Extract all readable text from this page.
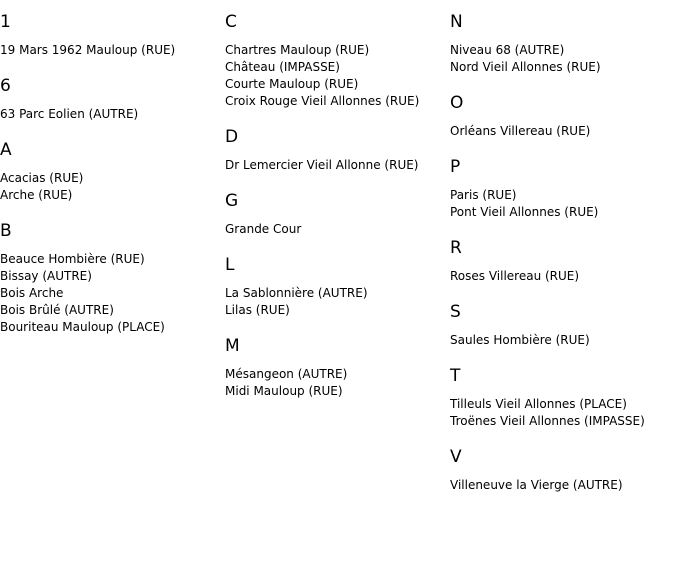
1
19 Mars 1962 Mauloup (RUE)
6
63 Parc Eolien (AUTRE)
A
Acacias (RUE)
Arche (RUE)
B
Beauce Hombière (RUE)
Bissay (AUTRE)
Bois Arche
Bois Brûlé (AUTRE)
Bouriteau Mauloup (PLACE)
C
Chartres Mauloup (RUE)
Château (IMPASSE)
Courte Mauloup (RUE)
Croix Rouge Vieil Allonnes (RUE)
D
Dr Lemercier Vieil Allonne (RUE)
G
Grande Cour
L
La Sablonnière (AUTRE)
Lilas (RUE)
M
Mésangeon (AUTRE)
Midi Mauloup (RUE)
N
Niveau 68 (AUTRE)
Nord Vieil Allonnes (RUE)
O
Orléans Villereau (RUE)
P
Paris (RUE)
Pont Vieil Allonnes (RUE)
R
Roses Villereau (RUE)
S
Saules Hombière (RUE)
T
Tilleuls Vieil Allonnes (PLACE)
Troënes Vieil Allonnes (IMPASSE)
V
Villeneuve la Vierge (AUTRE)
